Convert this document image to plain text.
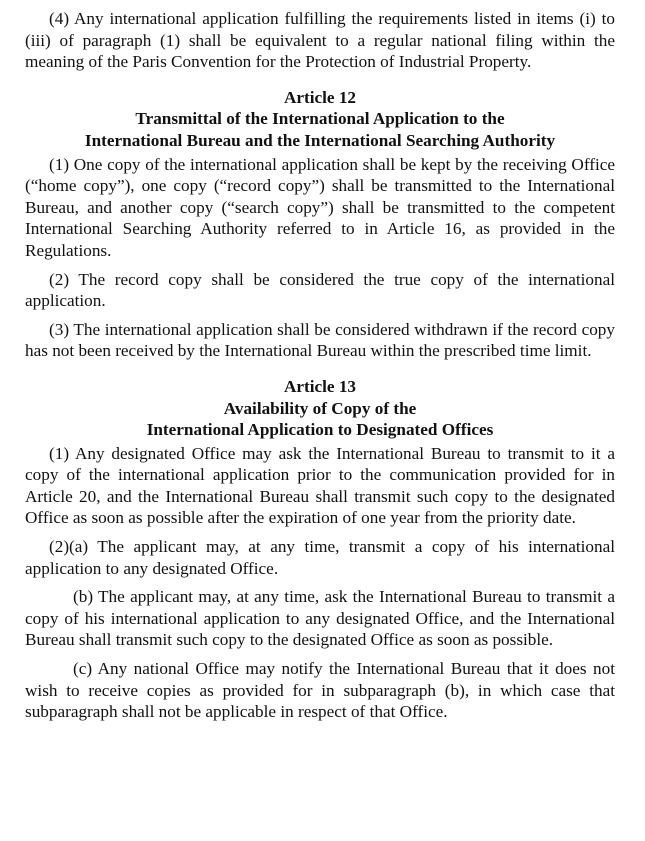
(4) Any international application fulfilling the requirements listed in items (i) to (iii) of paragraph (1) shall be equivalent to a regular national filing within the meaning of the Paris Convention for the Protection of Industrial Property.

Article 12
Transmittal of the International Application to the
International Bureau and the International Searching Authority

(1) One copy of the international application shall be kept by the receiving Office (“home copy”), one copy (“record copy”) shall be transmitted to the International Bureau, and another copy (“search copy”) shall be transmitted to the competent International Searching Authority referred to in Article 16, as provided in the Regulations.

(2) The record copy shall be considered the true copy of the international application.

(3) The international application shall be considered withdrawn if the record copy has not been received by the International Bureau within the prescribed time limit.

Article 13
Availability of Copy of the
International Application to Designated Offices

(1) Any designated Office may ask the International Bureau to transmit to it a copy of the international application prior to the communication provided for in Article 20, and the International Bureau shall transmit such copy to the designated Office as soon as possible after the expiration of one year from the priority date.

(2)(a) The applicant may, at any time, transmit a copy of his international application to any designated Office.

(b) The applicant may, at any time, ask the International Bureau to transmit a copy of his international application to any designated Office, and the International Bureau shall transmit such copy to the designated Office as soon as possible.

(c) Any national Office may notify the International Bureau that it does not wish to receive copies as provided for in subparagraph (b), in which case that subparagraph shall not be applicable in respect of that Office.
